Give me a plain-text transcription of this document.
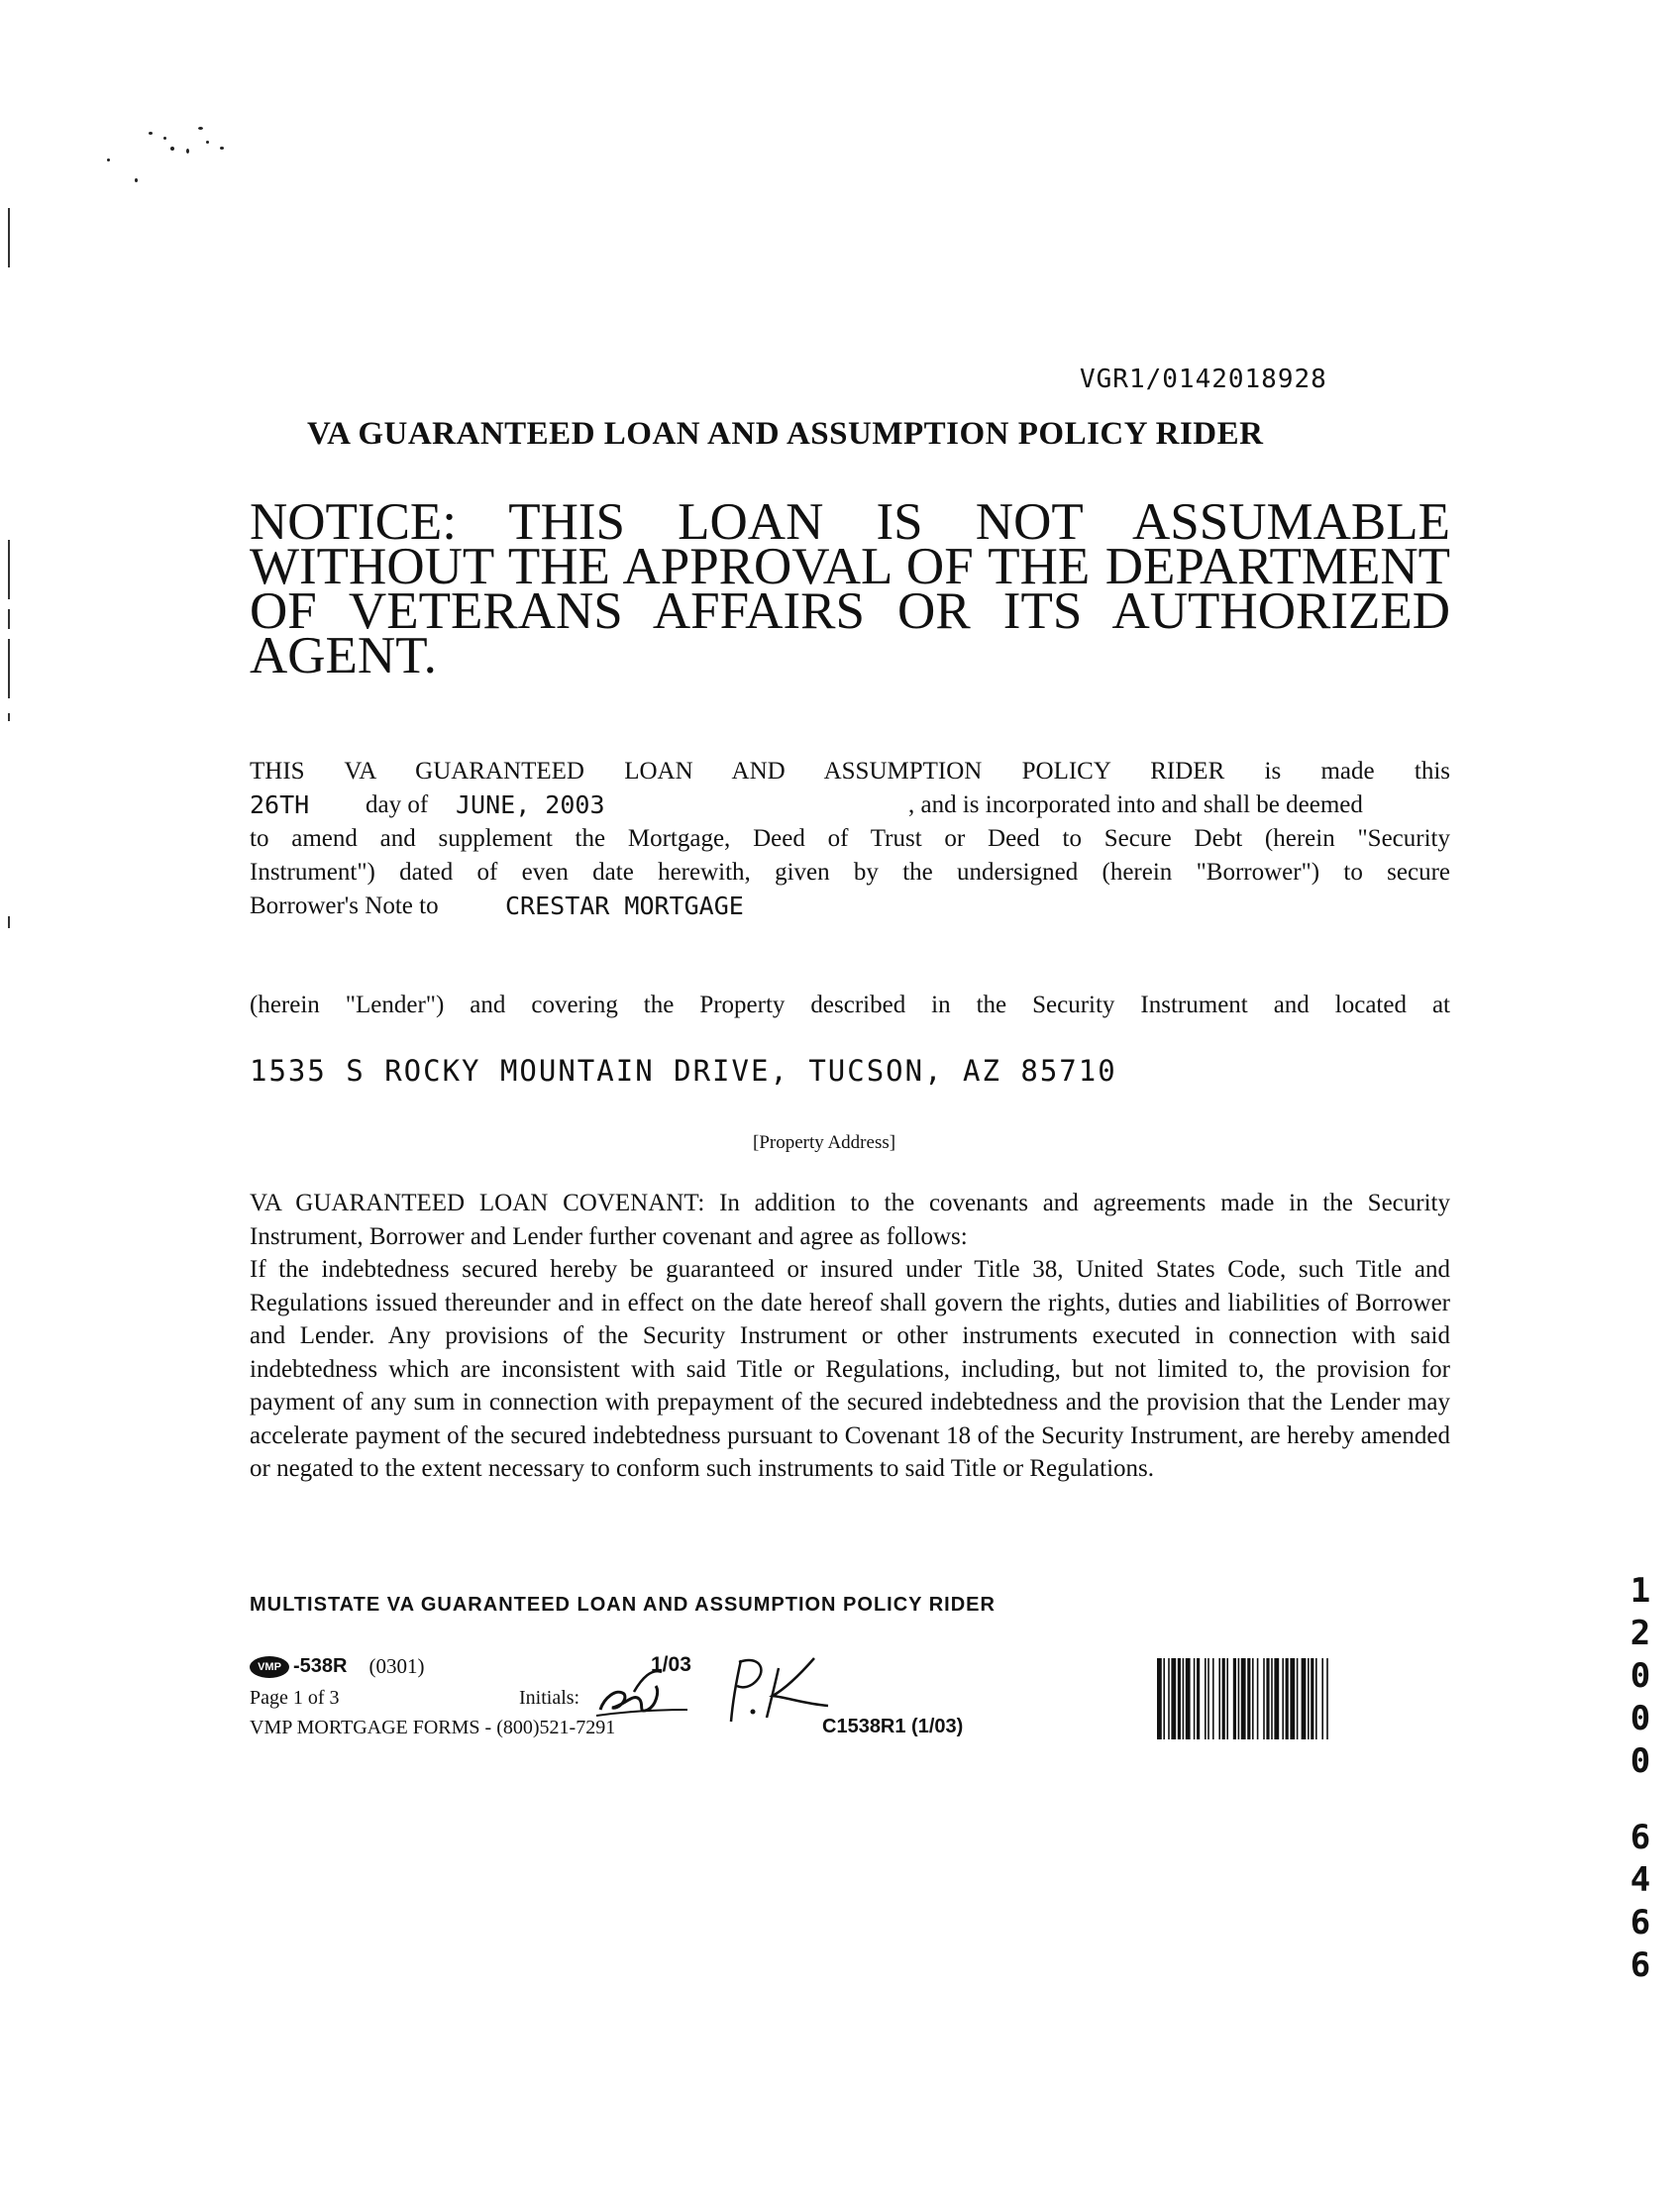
VGR1/0142018928
VA GUARANTEED LOAN AND ASSUMPTION POLICY RIDER
NOTICE: THIS LOAN IS NOT ASSUMABLE WITHOUT THE APPROVAL OF THE DEPARTMENT OF VETERANS AFFAIRS OR ITS AUTHORIZED AGENT.
THIS VA GUARANTEED LOAN AND ASSUMPTION POLICY RIDER is made this
26TH day of JUNE, 2003	, and is incorporated into and shall be deemed
to amend and supplement the Mortgage, Deed of Trust or Deed to Secure Debt (herein "Security
Instrument") dated of even date herewith, given by the undersigned (herein "Borrower") to secure
Borrower's Note to	CRESTAR MORTGAGE
(herein "Lender") and covering the Property described in the Security Instrument and located at
1535 S ROCKY MOUNTAIN DRIVE, TUCSON, AZ 85710
[Property Address]

VA GUARANTEED LOAN COVENANT: In addition to the covenants and agreements made in the Security Instrument, Borrower and Lender further covenant and agree as follows:

If the indebtedness secured hereby be guaranteed or insured under Title 38, United States Code, such Title and Regulations issued thereunder and in effect on the date hereof shall govern the rights, duties and liabilities of Borrower and Lender. Any provisions of the Security Instrument or other instruments executed in connection with said indebtedness which are inconsistent with said Title or Regulations, including, but not limited to, the provision for payment of any sum in connection with prepayment of the secured indebtedness and the provision that the Lender may accelerate payment of the secured indebtedness pursuant to Covenant 18 of the Security Instrument, are hereby amended or negated to the extent necessary to conform such instruments to said Title or Regulations.

MULTISTATE VA GUARANTEED LOAN AND ASSUMPTION POLICY RIDER
VMP -538R (0301)	1/03
Page 1 of 3	Initials:
VMP MORTGAGE FORMS - (800)521-7291	C1538R1 (1/03)
1
2
0
0
0
6
4
6
6
